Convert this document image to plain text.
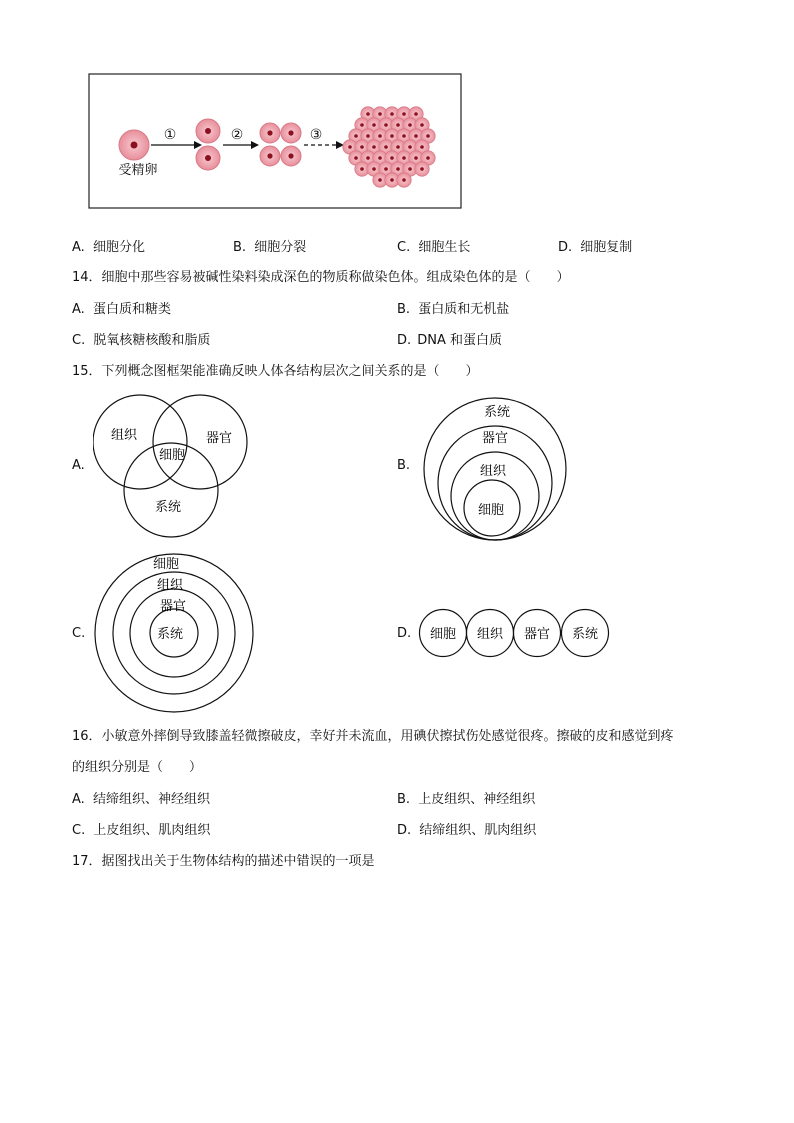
受精卵
①	②	③
A. 细胞分化	B. 细胞分裂	C. 细胞生长	D. 细胞复制
14．细胞中那些容易被碱性染料染成深色的物质称做染色体。组成染色体的是（　　）
A. 蛋白质和糖类	B. 蛋白质和无机盐
C. 脱氧核糖核酸和脂质	D. DNA 和蛋白质
15．下列概念图框架能准确反映人体各结构层次之间关系的是（　　）
A.
组织	器官
细胞
系统
B.
系统
器官
组织
细胞
C.
细胞
组织
器官
系统	D. 细胞 组织 器官 系统
16．小敏意外摔倒导致膝盖轻微擦破皮，幸好并未流血，用碘伏擦拭伤处感觉很疼。擦破的皮和感觉到疼
的组织分别是（　　）
A. 结缔组织、神经组织	B. 上皮组织、神经组织
C. 上皮组织、肌肉组织	D. 结缔组织、肌肉组织
17．据图找出关于生物体结构的描述中错误的一项是
